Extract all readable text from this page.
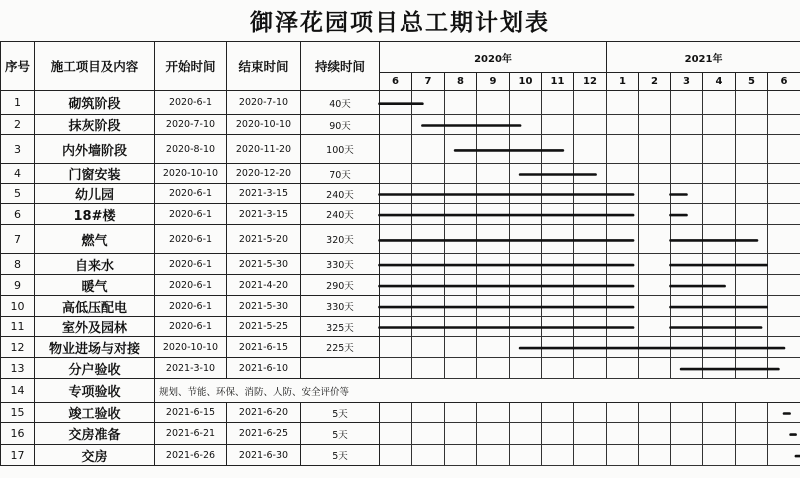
御泽花园项目总工期计划表
序号	施工项目及内容	开始时间	结束时间	持续时间	2020年							2021年					
					6	7	8	9	10	11	12	1	2	3	4	5	6
1	砌筑阶段	2020-6-1	2020-7-10	40天													
2	抹灰阶段	2020-7-10	2020-10-10	90天													
3	内外墙阶段	2020-8-10	2020-11-20	100天													
4	门窗安装	2020-10-10	2020-12-20	70天													
5	幼儿园	2020-6-1	2021-3-15	240天													
6	18#楼	2020-6-1	2021-3-15	240天													
7	燃气	2020-6-1	2021-5-20	320天													
8	自来水	2020-6-1	2021-5-30	330天													
9	暖气	2020-6-1	2021-4-20	290天													
10	高低压配电	2020-6-1	2021-5-30	330天													
11	室外及园林	2020-6-1	2021-5-25	325天													
12	物业进场与对接	2020-10-10	2021-6-15	225天													
13	分户验收	2021-3-10	2021-6-10														
14	专项验收	规划、节能、环保、消防、人防、安全评价等															
15	竣工验收	2021-6-15	2021-6-20	5天													
16	交房准备	2021-6-21	2021-6-25	5天													
17	交房	2021-6-26	2021-6-30	5天													
